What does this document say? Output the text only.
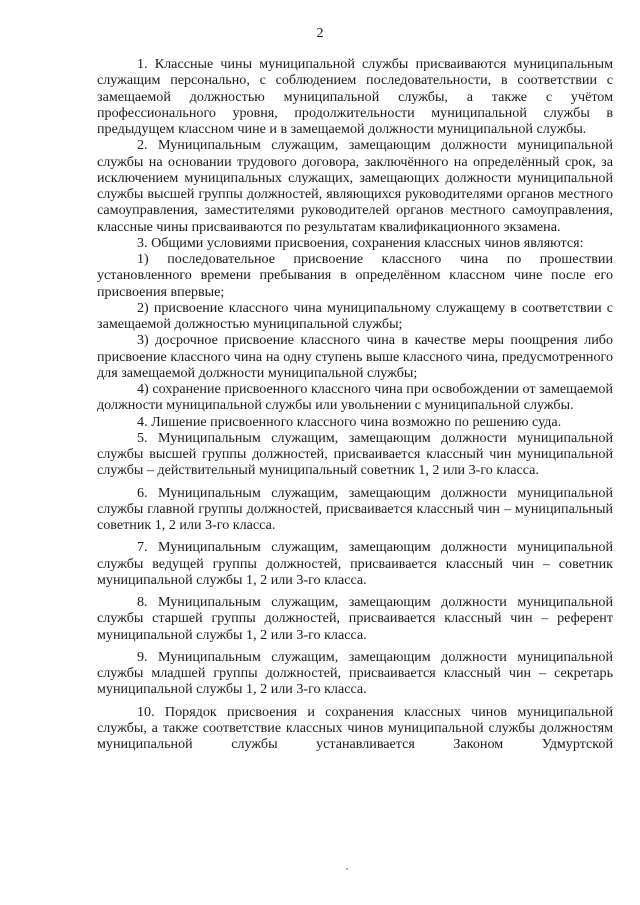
2

1. Классные чины муниципальной службы присваиваются муниципальным служащим персонально, с соблюдением последовательности, в соответствии с замещаемой должностью муниципальной службы, а также с учётом профессионального уровня, продолжительности муниципальной службы в предыдущем классном чине и в замещаемой должности муниципальной службы.

2. Муниципальным служащим, замещающим должности муниципальной службы на основании трудового договора, заключённого на определённый срок, за исключением муниципальных служащих, замещающих должности муниципальной службы высшей группы должностей, являющихся руководителями органов местного самоуправления, заместителями руководителей органов местного самоуправления, классные чины присваиваются по результатам квалификационного экзамена.

3. Общими условиями присвоения, сохранения классных чинов являются:

1) последовательное присвоение классного чина по прошествии установленного времени пребывания в определённом классном чине после его присвоения впервые;

2) присвоение классного чина муниципальному служащему в соответствии с замещаемой должностью муниципальной службы;

3) досрочное присвоение классного чина в качестве меры поощрения либо присвоение классного чина на одну ступень выше классного чина, предусмотренного для замещаемой должности муниципальной службы;

4) сохранение присвоенного классного чина при освобождении от замещаемой должности муниципальной службы или увольнении с муниципальной службы.

4. Лишение присвоенного классного чина возможно по решению суда.

5. Муниципальным служащим, замещающим должности муниципальной службы высшей группы должностей, присваивается классный чин муниципальной службы – действительный муниципальный советник 1, 2 или 3-го класса.

6. Муниципальным служащим, замещающим должности муниципальной службы главной группы должностей, присваивается классный чин – муниципальный советник 1, 2 или 3-го класса.

7. Муниципальным служащим, замещающим должности муниципальной службы ведущей группы должностей, присваивается классный чин – советник муниципальной службы 1, 2 или 3-го класса.

8. Муниципальным служащим, замещающим должности муниципальной службы старшей группы должностей, присваивается классный чин – референт муниципальной службы 1, 2 или 3-го класса.

9. Муниципальным служащим, замещающим должности муниципальной службы младшей группы должностей, присваивается классный чин – секретарь муниципальной службы 1, 2 или 3-го класса.

10. Порядок присвоения и сохранения классных чинов муниципальной службы, а также соответствие классных чинов муниципальной службы должностям муниципальной службы устанавливается Законом Удмуртской
